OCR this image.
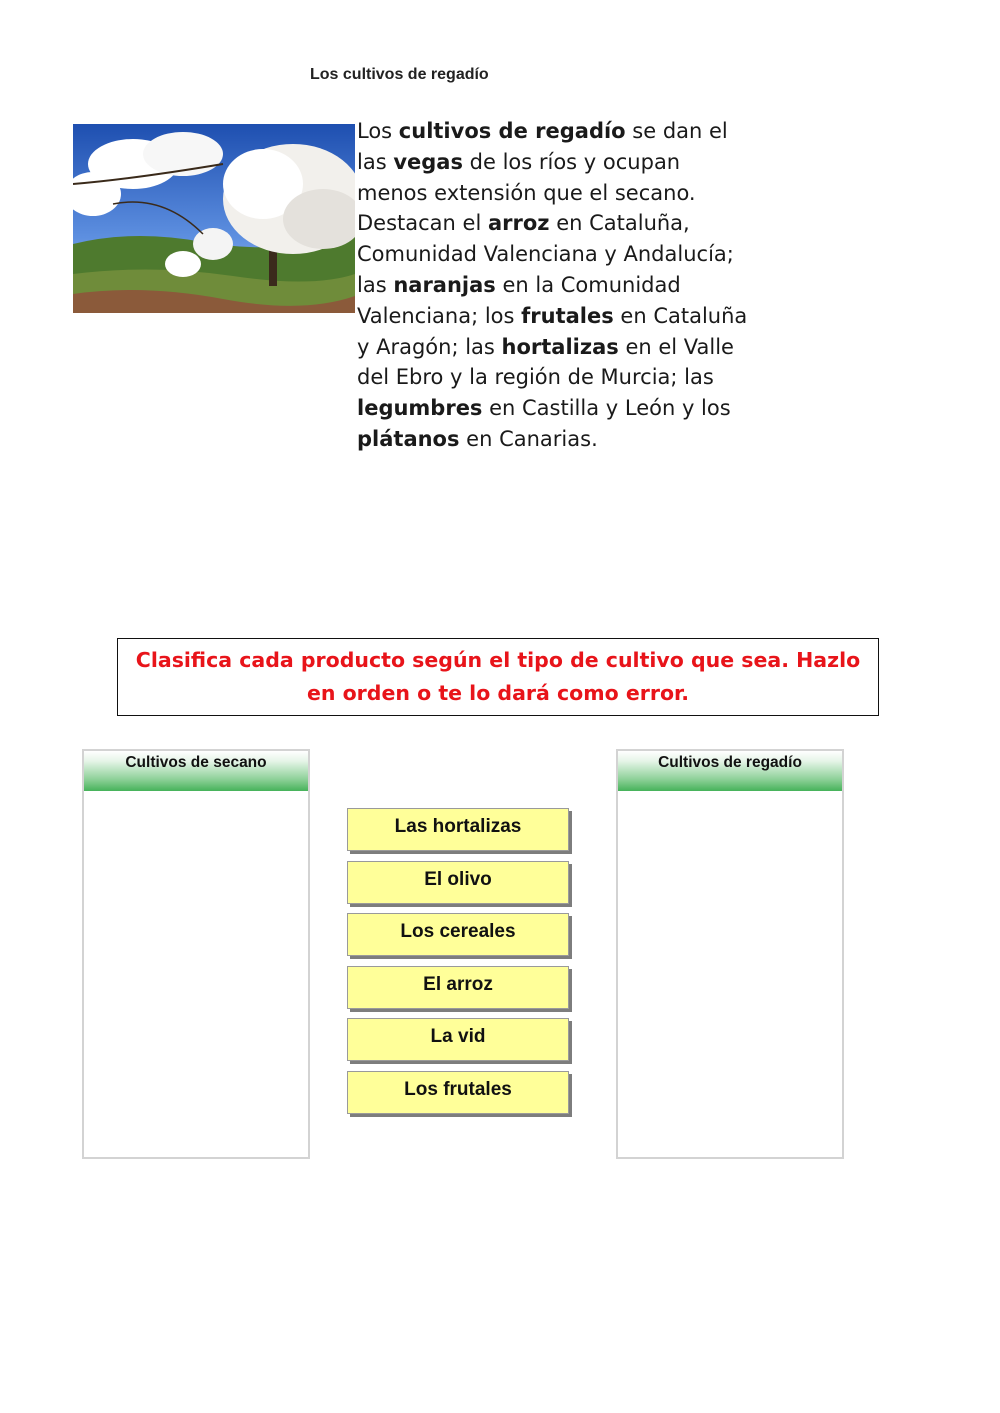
Los cultivos de regadío
Los cultivos de regadío se dan el las vegas de los ríos y ocupan menos extensión que el secano. Destacan el arroz en Cataluña, Comunidad Valenciana y Andalucía; las naranjas en la Comunidad Valenciana; los frutales en Cataluña y Aragón; las hortalizas en el Valle del Ebro y la región de Murcia; las legumbres en Castilla y León y los plátanos en Canarias.
Clasifica cada producto según el tipo de cultivo que sea. Hazlo en orden o te lo dará como error.
Cultivos de secano	Cultivos de regadío
Las hortalizas
El olivo
Los cereales
El arroz
La vid
Los frutales
